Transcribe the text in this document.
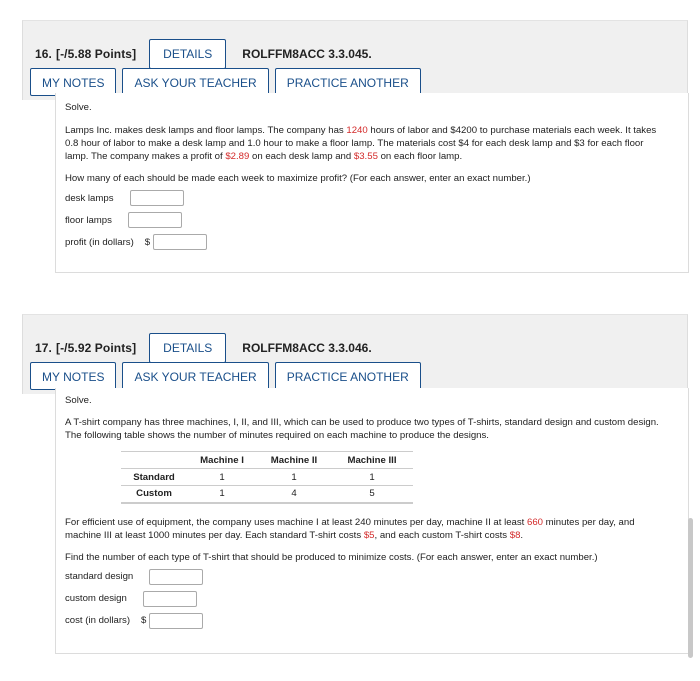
16. [-/5.88 Points]	DETAILS	ROLFFM8ACC 3.3.045.
MY NOTES	ASK YOUR TEACHER	PRACTICE ANOTHER
Solve.
Lamps Inc. makes desk lamps and floor lamps. The company has 1240 hours of labor and $4200 to purchase materials each week. It takes 0.8 hour of labor to make a desk lamp and 1.0 hour to make a floor lamp. The materials cost $4 for each desk lamp and $3 for each floor lamp. The company makes a profit of $2.89 on each desk lamp and $3.55 on each floor lamp.
How many of each should be made each week to maximize profit? (For each answer, enter an exact number.)
desk lamps
floor lamps
profit (in dollars) $
17. [-/5.92 Points]	DETAILS	ROLFFM8ACC 3.3.046.
MY NOTES	ASK YOUR TEACHER	PRACTICE ANOTHER
Solve.
A T-shirt company has three machines, I, II, and III, which can be used to produce two types of T-shirts, standard design and custom design. The following table shows the number of minutes required on each machine to produce the designs.
	Machine I	Machine II	Machine III
Standard	1	1	1
Custom	1	4	5
For efficient use of equipment, the company uses machine I at least 240 minutes per day, machine II at least 660 minutes per day, and machine III at least 1000 minutes per day. Each standard T-shirt costs $5, and each custom T-shirt costs $8.
Find the number of each type of T-shirt that should be produced to minimize costs. (For each answer, enter an exact number.)
standard design
custom design
cost (in dollars) $
